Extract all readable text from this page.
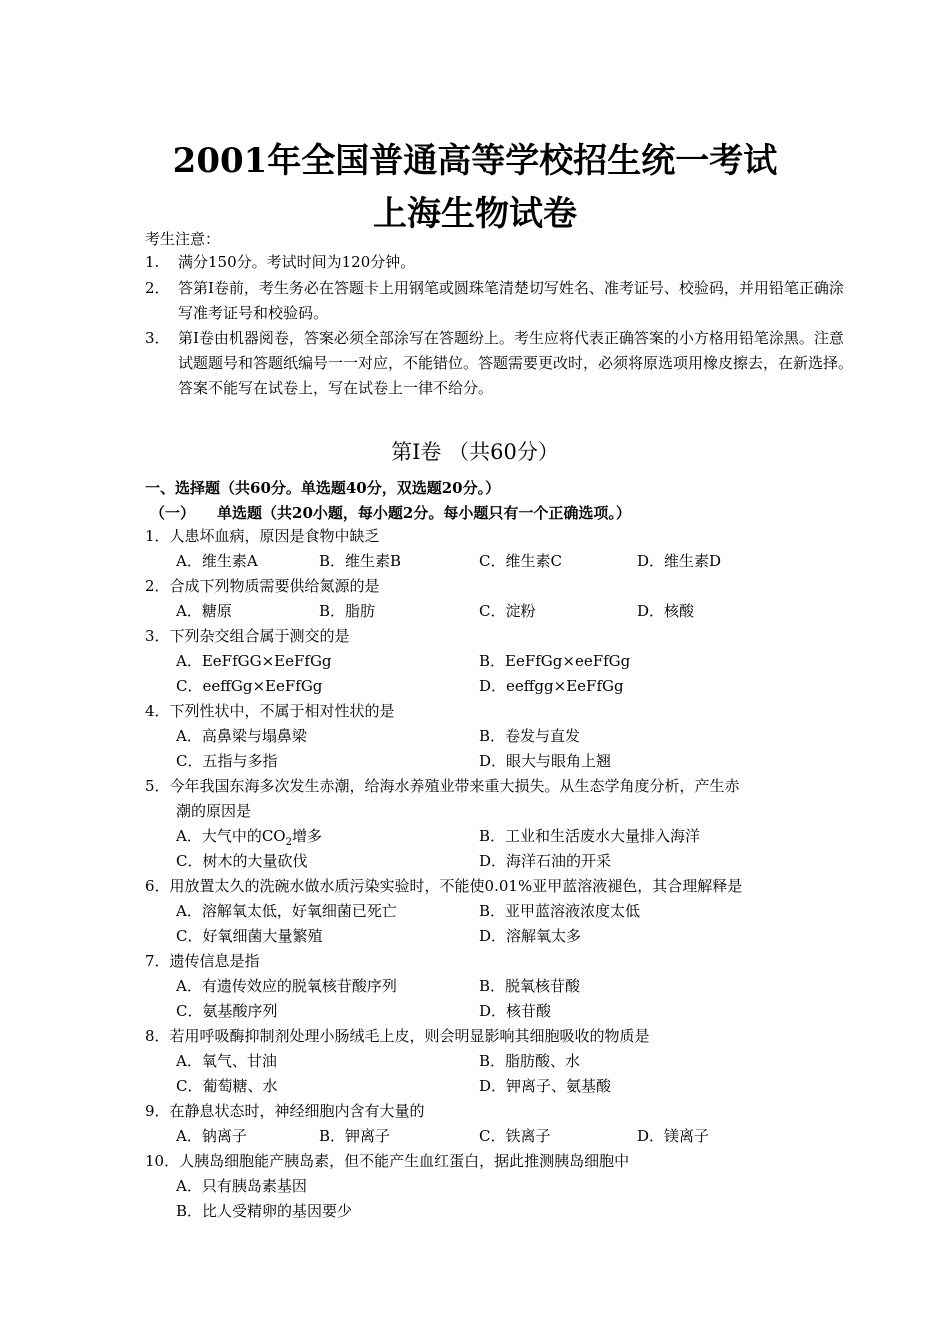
2001年全国普通高等学校招生统一考试
上海生物试卷
考生注意：
1. 满分150分。考试时间为120分钟。
2． 答第Ⅰ卷前，考生务必在答题卡上用钢笔或圆珠笔清楚切写姓名、准考证号、校验码，并用铅笔正确涂写准考证号和校验码。
3． 第Ⅰ卷由机器阅卷，答案必须全部涂写在答题纷上。考生应将代表正确答案的小方格用铅笔涂黑。注意试题题号和答题纸编号一一对应，不能错位。答题需要更改时，必须将原选项用橡皮擦去，在新选择。答案不能写在试卷上，写在试卷上一律不给分。
第Ⅰ卷 （共60分）
一、选择题（共60分。单选题40分，双选题20分。）
（一） 单选题（共20小题，每小题2分。每小题只有一个正确选项。）
1．人患坏血病，原因是食物中缺乏
A．维生素A	B．维生素B	C．维生素C	D．维生素D
2．合成下列物质需要供给氮源的是
A．糖原	B．脂肪	C．淀粉	D．核酸
3．下列杂交组合属于测交的是
A．EeFfGG×EeFfGg	B．EeFfGg×eeFfGg
C．eeffGg×EeFfGg	D．eeffgg×EeFfGg
4．下列性状中，不属于相对性状的是
A．高鼻梁与塌鼻梁	B．卷发与直发
C．五指与多指	D．眼大与眼角上翘
5．今年我国东海多次发生赤潮，给海水养殖业带来重大损失。从生态学角度分析，产生赤
潮的原因是
A．大气中的$CO_2$增多	B．工业和生活废水大量排入海洋
C．树木的大量砍伐	D．海洋石油的开采
6．用放置太久的洗碗水做水质污染实验时，不能使0.01%亚甲蓝溶液褪色，其合理解释是
A．溶解氧太低，好氧细菌已死亡	B．亚甲蓝溶液浓度太低
C．好氧细菌大量繁殖	D．溶解氧太多
7．遗传信息是指
A．有遗传效应的脱氧核苷酸序列	B．脱氧核苷酸
C．氨基酸序列	D．核苷酸
8．若用呼吸酶抑制剂处理小肠绒毛上皮，则会明显影响其细胞吸收的物质是
A．氧气、甘油	B．脂肪酸、水
C．葡萄糖、水	D．钾离子、氨基酸
9．在静息状态时，神经细胞内含有大量的
A．钠离子	B．钾离子	C．铁离子	D．镁离子
10．人胰岛细胞能产胰岛素，但不能产生血红蛋白，据此推测胰岛细胞中
A．只有胰岛素基因
B．比人受精卵的基因要少
